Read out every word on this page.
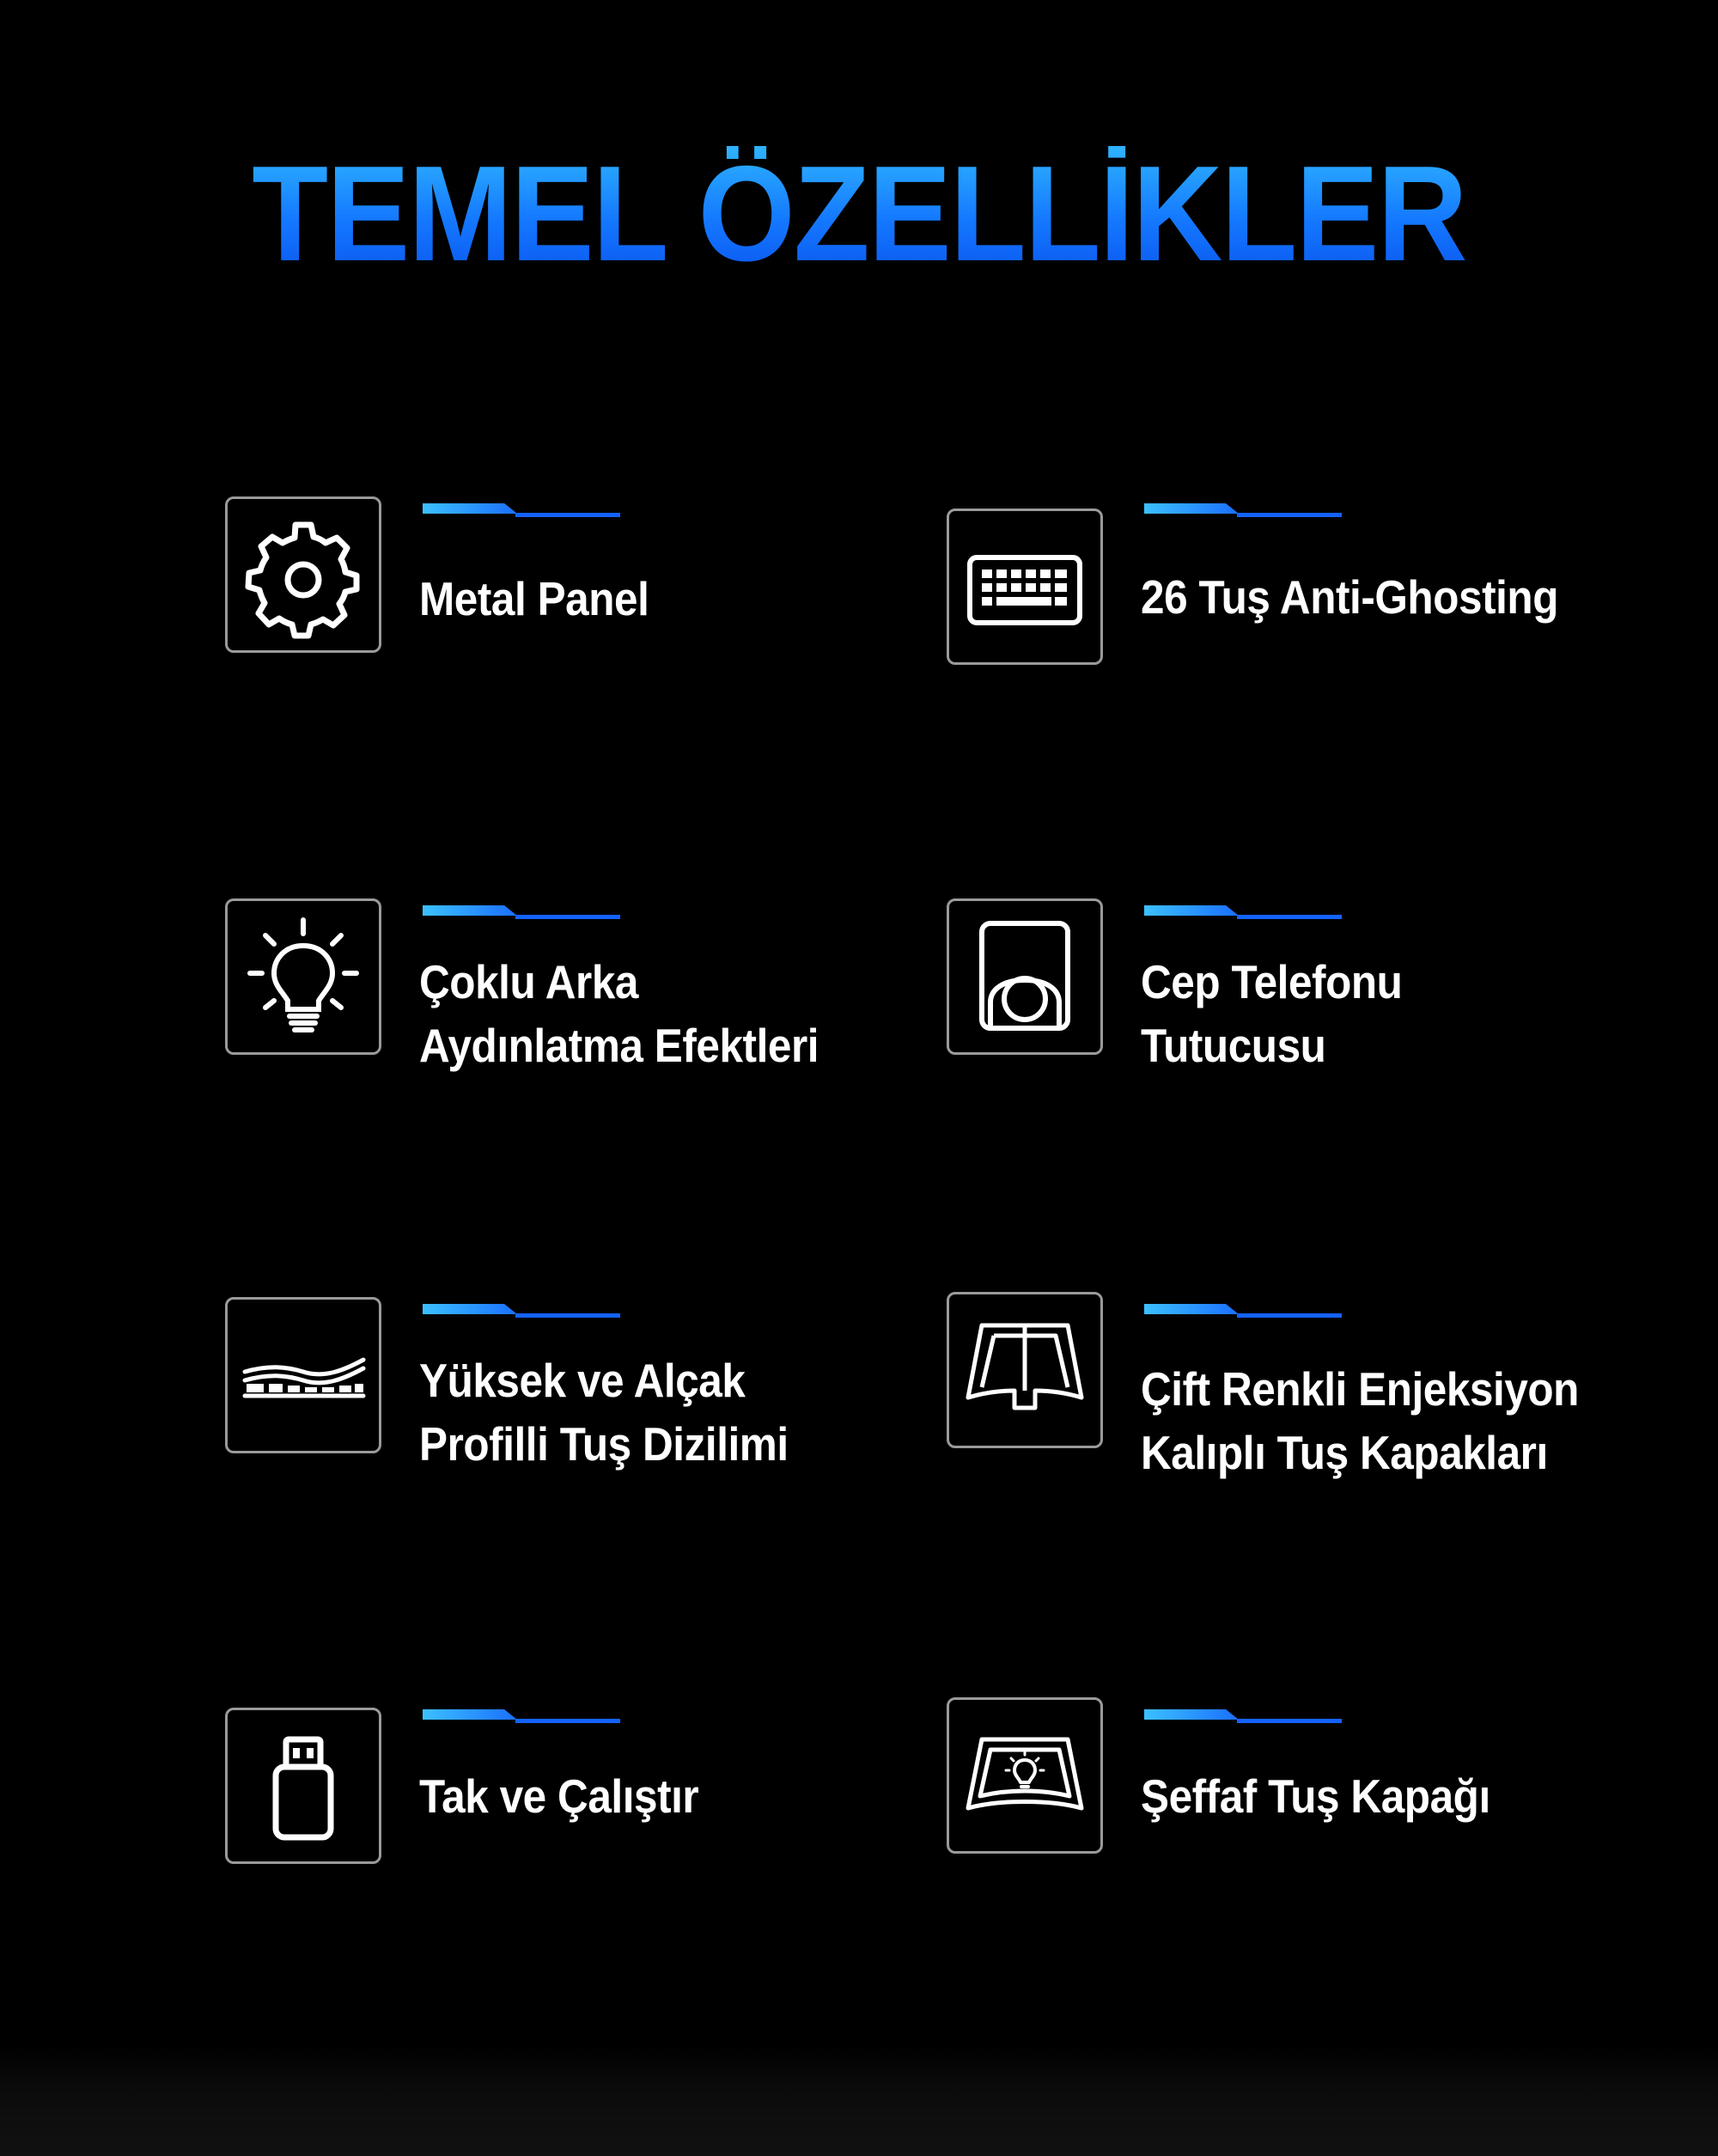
TEMEL ÖZELLİKLER
Metal Panel	26 Tuş Anti-Ghosting
Çoklu Arka
Aydınlatma Efektleri
Cep Telefonu
Tutucusu
Yüksek ve Alçak
Profilli Tuş Dizilimi
Çift Renkli Enjeksiyon
Kalıplı Tuş Kapakları
Tak ve Çalıştır	Şeffaf Tuş Kapağı
